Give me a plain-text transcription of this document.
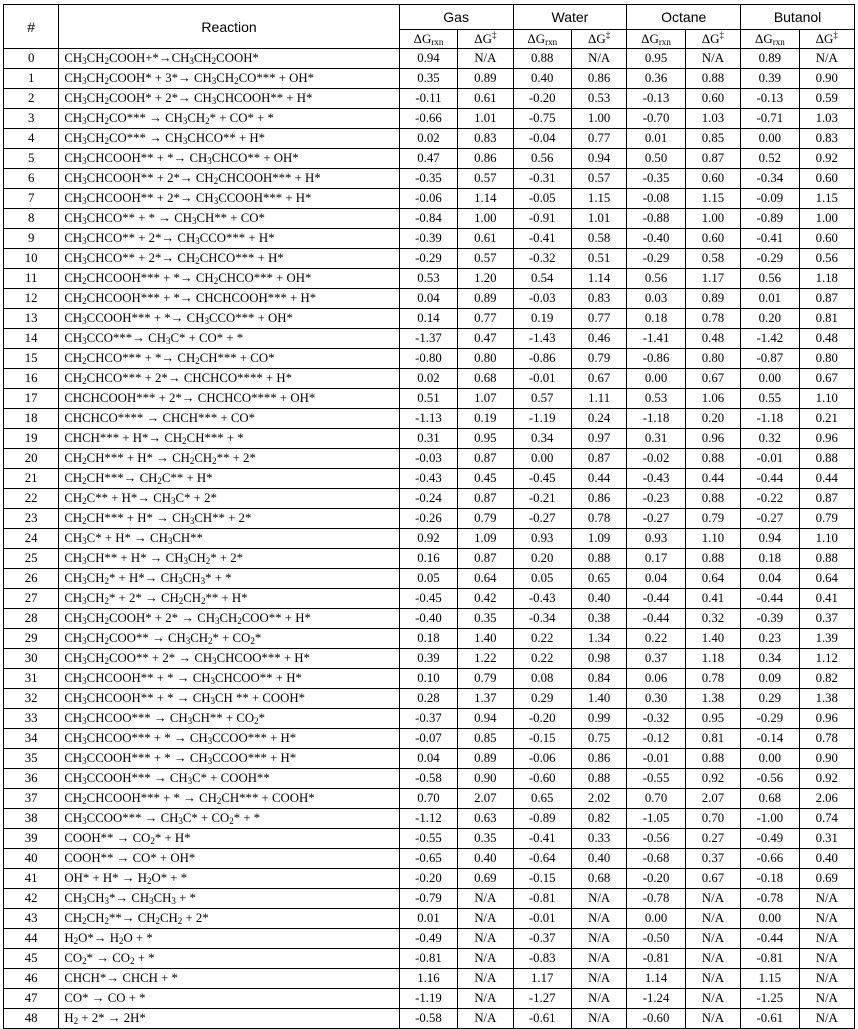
#	Reaction	Gas		Water		Octane		Butanol	
		$\Delta G_{rxn}$	ΔG‡	$\Delta G_{rxn}$	ΔG‡	$\Delta G_{rxn}$	ΔG‡	$\Delta G_{rxn}$	ΔG‡
0	$CH_3CH_2COOH+*\to CH_3CH_2COOH*$	0.94	N/A	0.88	N/A	0.95	N/A	0.89	N/A
1	$CH_3CH_2COOH* + 3*\to CH_3CH_2CO*** + OH*$	0.35	0.89	0.40	0.86	0.36	0.88	0.39	0.90
2	$CH_3CH_2COOH* + 2*\to$ $CH_3CHCOOH** + H*$	-0.11	0.61	-0.20	0.53	-0.13	0.60	-0.13	0.59
3	$CH_3CH_2CO*** \to CH_3CH_2* + CO*$ + *	-0.66	1.01	-0.75	1.00	-0.70	1.03	-0.71	1.03
4	$CH_3CH_2CO***$ → $CH_3CHCO** + H*$	0.02	0.83	-0.04	0.77	0.01	0.85	0.00	0.83
5	$CH_3CHCOOH**$ + *→ $CH_3CHCO** + OH*$	0.47	0.86	0.56	0.94	0.50	0.87	0.52	0.92
6	$CH_3CHCOOH** + 2*\to$ $CH_2CHCOOH*** + H*$	-0.35	0.57	-0.31	0.57	-0.35	0.60	-0.34	0.60
7	$CH_3CHCOOH** + 2*\to$ $CH_3CCOOH*** + H*$	-0.06	1.14	-0.05	1.15	-0.08	1.15	-0.09	1.15
8	$CH_3CHCO**$ + * → $CH_3CH** + CO*$	-0.84	1.00	-0.91	1.01	-0.88	1.00	-0.89	1.00
9	$CH_3CHCO** + 2*\to CH_3CCO*** + H*$	-0.39	0.61	-0.41	0.58	-0.40	0.60	-0.41	0.60
10	$CH_3CHCO** + 2*\to$ $CH_2CHCO*** + H*$	-0.29	0.57	-0.32	0.51	-0.29	0.58	-0.29	0.56
11	$CH_2CHCOOH***$ + *→ $CH_2CHCO*** + OH*$	0.53	1.20	0.54	1.14	0.56	1.17	0.56	1.18
12	$CH_2CHCOOH***$ + *→ CHCHCOOH*** + H*	0.04	0.89	-0.03	0.83	0.03	0.89	0.01	0.87
13	$CH_3CCOOH***$ + *→ $CH_3CCO*** + OH*$	0.14	0.77	0.19	0.77	0.18	0.78	0.20	0.81
14	$CH_3CCO***\to CH_3C* + CO*$ + *	-1.37	0.47	-1.43	0.46	-1.41	0.48	-1.42	0.48
15	$CH_2CHCO***$ + *→ $CH_2CH*** + CO*$	-0.80	0.80	-0.86	0.79	-0.86	0.80	-0.87	0.80
16	$CH_2CHCO*** + 2*\to$ CHCHCO**** + H*	0.02	0.68	-0.01	0.67	0.00	0.67	0.00	0.67
17	CHCHCOOH*** + 2*→ CHCHCO**** + OH*	0.51	1.07	0.57	1.11	0.53	1.06	0.55	1.10
18	CHCHCO**** → CHCH*** + CO*	-1.13	0.19	-1.19	0.24	-1.18	0.20	-1.18	0.21
19	CHCH*** + $H*\to CH_2CH***$ + *	0.31	0.95	0.34	0.97	0.31	0.96	0.32	0.96
20	$CH_2CH*** + H* \to CH_2CH_2** + 2*$	-0.03	0.87	0.00	0.87	-0.02	0.88	-0.01	0.88
21	$CH_2CH***\to CH_2C** + H*$	-0.43	0.45	-0.45	0.44	-0.43	0.44	-0.44	0.44
22	$CH_2C** + H*\to CH_3C* + 2*$	-0.24	0.87	-0.21	0.86	-0.23	0.88	-0.22	0.87
23	$CH_2CH*** + H* \to CH_3CH** + 2*$	-0.26	0.79	-0.27	0.78	-0.27	0.79	-0.27	0.79
24	$CH_3C* + H* \to CH_3CH**$	0.92	1.09	0.93	1.09	0.93	1.10	0.94	1.10
25	$CH_3CH** + H* \to CH_3CH_2* + 2*$	0.16	0.87	0.20	0.88	0.17	0.88	0.18	0.88
26	$CH_3CH_2* + H*\to CH_3CH_3*$ + *	0.05	0.64	0.05	0.65	0.04	0.64	0.04	0.64
27	$CH_3CH_2* + 2* \to CH_2CH_2** + H*$	-0.45	0.42	-0.43	0.40	-0.44	0.41	-0.44	0.41
28	$CH_3CH_2COOH* + 2* \to CH_3CH_2COO** + H*$	-0.40	0.35	-0.34	0.38	-0.44	0.32	-0.39	0.37
29	$CH_3CH_2COO** \to CH_3CH_2* + CO_2*$	0.18	1.40	0.22	1.34	0.22	1.40	0.23	1.39
30	$CH_3CH_2COO** + 2*$ → $CH_3CHCOO*** + H*$	0.39	1.22	0.22	0.98	0.37	1.18	0.34	1.12
31	$CH_3CHCOOH**$ + * → $CH_3CHCOO** + H*$	0.10	0.79	0.08	0.84	0.06	0.78	0.09	0.82
32	$CH_3CHCOOH**$ + * → $CH_3CH$ ** + COOH*	0.28	1.37	0.29	1.40	0.30	1.38	0.29	1.38
33	$CH_3CHCOO*** \to CH_3CH** + CO_2*$	-0.37	0.94	-0.20	0.99	-0.32	0.95	-0.29	0.96
34	$CH_3CHCOO***$ + * → $CH_3CCOO*** + H*$	-0.07	0.85	-0.15	0.75	-0.12	0.81	-0.14	0.78
35	$CH_3CCOOH***$ + * → $CH_3CCOO*** + H*$	0.04	0.89	-0.06	0.86	-0.01	0.88	0.00	0.90
36	$CH_3CCOOH*** \to CH_3C*$ + COOH**	-0.58	0.90	-0.60	0.88	-0.55	0.92	-0.56	0.92
37	$CH_2CHCOOH***$ + * → $CH_2CH***$ + COOH*	0.70	2.07	0.65	2.02	0.70	2.07	0.68	2.06
38	$CH_3CCOO*** \to CH_3C* + CO_2*$ + *	-1.12	0.63	-0.89	0.82	-1.05	0.70	-1.00	0.74
39	COOH** → $CO_2* + H*$	-0.55	0.35	-0.41	0.33	-0.56	0.27	-0.49	0.31
40	COOH** → CO* + OH*	-0.65	0.40	-0.64	0.40	-0.68	0.37	-0.66	0.40
41	$OH* + H* \to H_2O*$ + *	-0.20	0.69	-0.15	0.68	-0.20	0.67	-0.18	0.69
42	$CH_3CH_3*\to CH_3CH_3$ + *	-0.79	N/A	-0.81	N/A	-0.78	N/A	-0.78	N/A
43	$CH_2CH_2**\to CH_2CH_2 + 2*$	0.01	N/A	-0.01	N/A	0.00	N/A	0.00	N/A
44	$H_2O*\to H_2O$ + *	-0.49	N/A	-0.37	N/A	-0.50	N/A	-0.44	N/A
45	$CO_2* \to CO_2$ + *	-0.81	N/A	-0.83	N/A	-0.81	N/A	-0.81	N/A
46	CHCH*→ CHCH + *	1.16	N/A	1.17	N/A	1.14	N/A	1.15	N/A
47	CO* → CO + *	-1.19	N/A	-1.27	N/A	-1.24	N/A	-1.25	N/A
48	$H_2 + 2* \to 2H*$	-0.58	N/A	-0.61	N/A	-0.60	N/A	-0.61	N/A
